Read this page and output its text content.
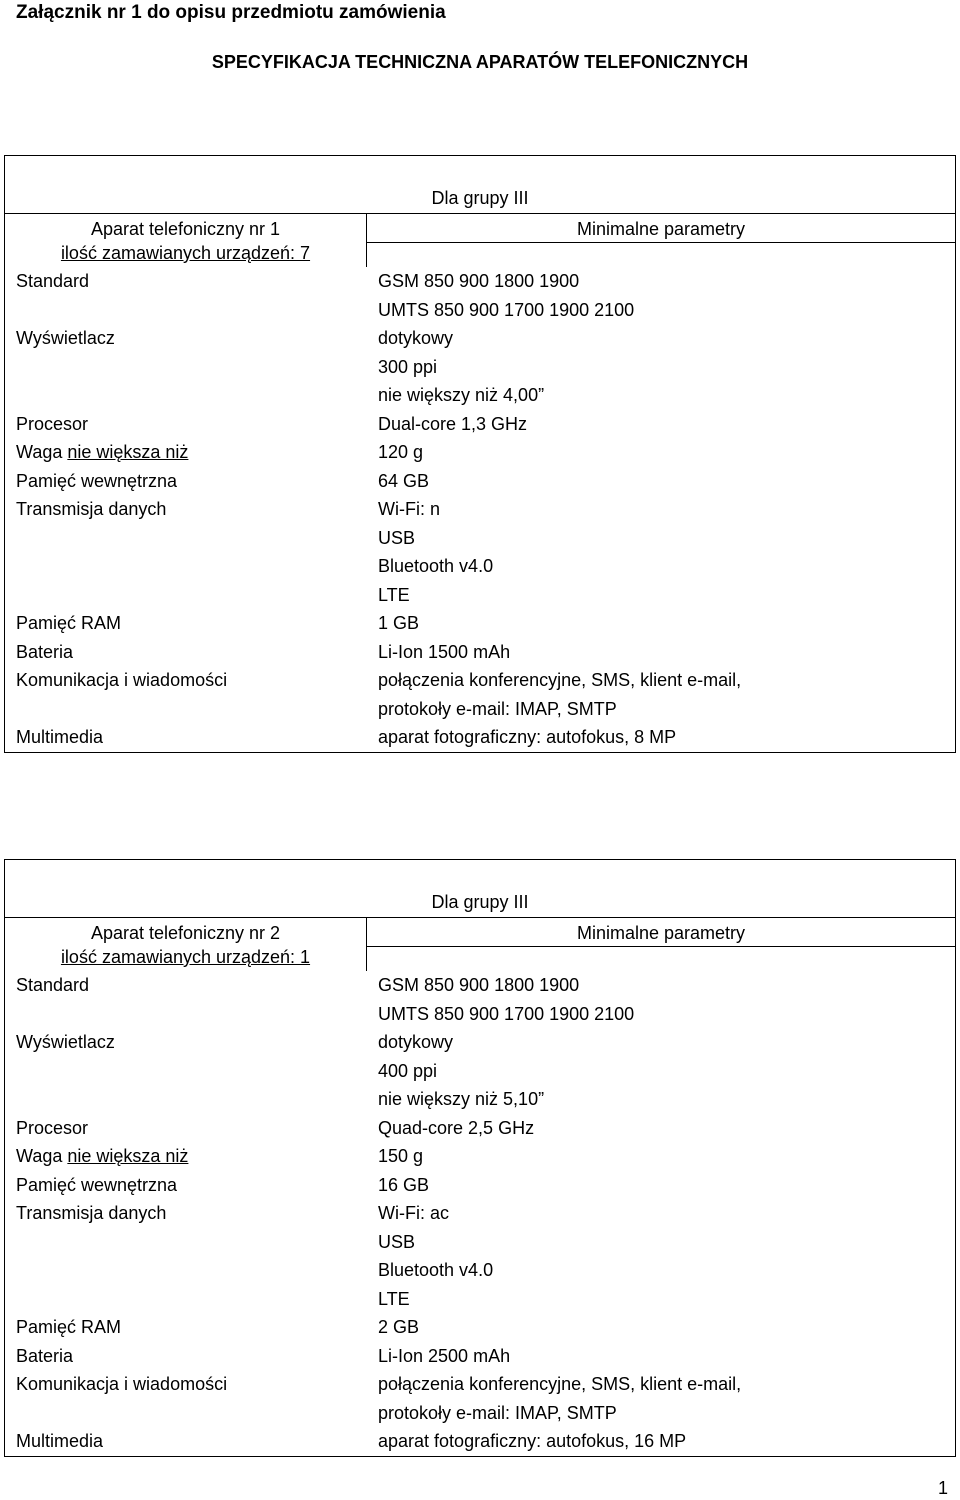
Załącznik nr 1 do opisu przedmiotu zamówienia
SPECYFIKACJA TECHNICZNA APARATÓW TELEFONICZNYCH
Dla grupy III
Aparat telefoniczny nr 1
ilość zamawianych urządzeń: 7
Minimalne parametry
Standard	GSM 850 900 1800 1900
UMTS 850 900 1700 1900 2100
Wyświetlacz	dotykowy
300 ppi
nie większy niż 4,00”
Procesor	Dual-core 1,3 GHz
Waga nie większa niż	120 g
Pamięć wewnętrzna	64 GB
Transmisja danych	Wi-Fi: n
USB
Bluetooth v4.0
LTE
Pamięć RAM	1 GB
Bateria	Li-Ion 1500 mAh
Komunikacja i wiadomości	połączenia konferencyjne, SMS, klient e-mail,
protokoły e-mail: IMAP, SMTP
Multimedia	aparat fotograficzny: autofokus, 8 MP
Dla grupy III
Aparat telefoniczny nr 2
ilość zamawianych urządzeń: 1
Minimalne parametry
Standard	GSM 850 900 1800 1900
UMTS 850 900 1700 1900 2100
Wyświetlacz	dotykowy
400 ppi
nie większy niż 5,10”
Procesor	Quad-core 2,5 GHz
Waga nie większa niż	150 g
Pamięć wewnętrzna	16 GB
Transmisja danych	Wi-Fi: ac
USB
Bluetooth v4.0
LTE
Pamięć RAM	2 GB
Bateria	Li-Ion 2500 mAh
Komunikacja i wiadomości	połączenia konferencyjne, SMS, klient e-mail,
protokoły e-mail: IMAP, SMTP
Multimedia	aparat fotograficzny: autofokus, 16 MP
1
